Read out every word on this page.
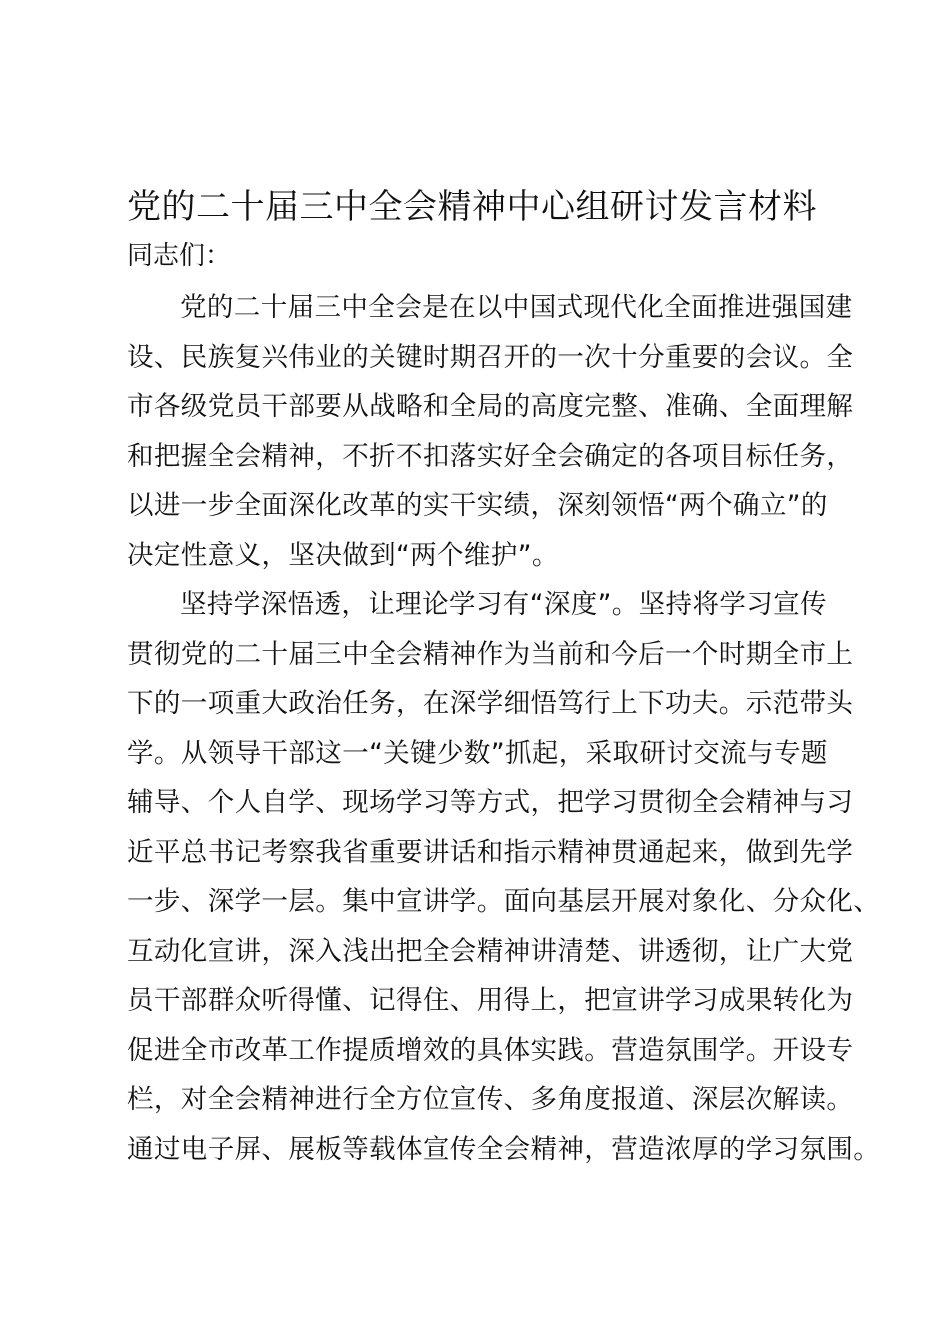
党的二十届三中全会精神中心组研讨发言材料
同志们：
党的二十届三中全会是在以中国式现代化全面推进强国建
设、民族复兴伟业的关键时期召开的一次十分重要的会议。全
市各级党员干部要从战略和全局的高度完整、准确、全面理解
和把握全会精神，不折不扣落实好全会确定的各项目标任务，
以进一步全面深化改革的实干实绩，深刻领悟“两个确立”的
决定性意义，坚决做到“两个维护”。
坚持学深悟透，让理论学习有“深度”。坚持将学习宣传
贯彻党的二十届三中全会精神作为当前和今后一个时期全市上
下的一项重大政治任务，在深学细悟笃行上下功夫。示范带头
学。从领导干部这一“关键少数”抓起，采取研讨交流与专题
辅导、个人自学、现场学习等方式，把学习贯彻全会精神与习
近平总书记考察我省重要讲话和指示精神贯通起来，做到先学
一步、深学一层。集中宣讲学。面向基层开展对象化、分众化、
互动化宣讲，深入浅出把全会精神讲清楚、讲透彻，让广大党
员干部群众听得懂、记得住、用得上，把宣讲学习成果转化为
促进全市改革工作提质增效的具体实践。营造氛围学。开设专
栏，对全会精神进行全方位宣传、多角度报道、深层次解读。
通过电子屏、展板等载体宣传全会精神，营造浓厚的学习氛围。
